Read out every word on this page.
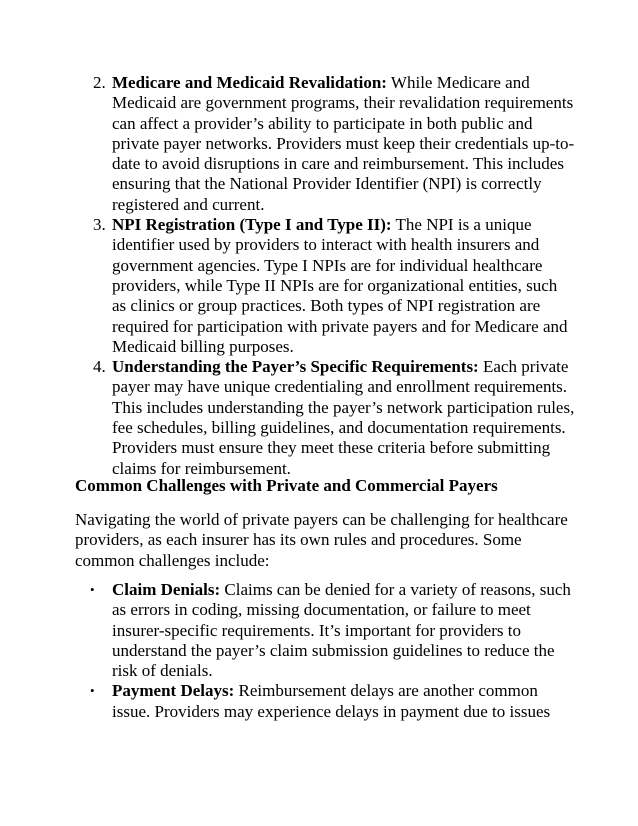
2. Medicare and Medicaid Revalidation: While Medicare and Medicaid are government programs, their revalidation requirements can affect a provider’s ability to participate in both public and private payer networks. Providers must keep their credentials up-to-date to avoid disruptions in care and reimbursement. This includes ensuring that the National Provider Identifier (NPI) is correctly registered and current.
3. NPI Registration (Type I and Type II): The NPI is a unique identifier used by providers to interact with health insurers and government agencies. Type I NPIs are for individual healthcare providers, while Type II NPIs are for organizational entities, such as clinics or group practices. Both types of NPI registration are required for participation with private payers and for Medicare and Medicaid billing purposes.
4. Understanding the Payer’s Specific Requirements: Each private payer may have unique credentialing and enrollment requirements. This includes understanding the payer’s network participation rules, fee schedules, billing guidelines, and documentation requirements. Providers must ensure they meet these criteria before submitting claims for reimbursement.
Common Challenges with Private and Commercial Payers

Navigating the world of private payers can be challenging for healthcare providers, as each insurer has its own rules and procedures. Some common challenges include:

• Claim Denials: Claims can be denied for a variety of reasons, such as errors in coding, missing documentation, or failure to meet insurer-specific requirements. It’s important for providers to understand the payer’s claim submission guidelines to reduce the risk of denials.
• Payment Delays: Reimbursement delays are another common issue. Providers may experience delays in payment due to issues
